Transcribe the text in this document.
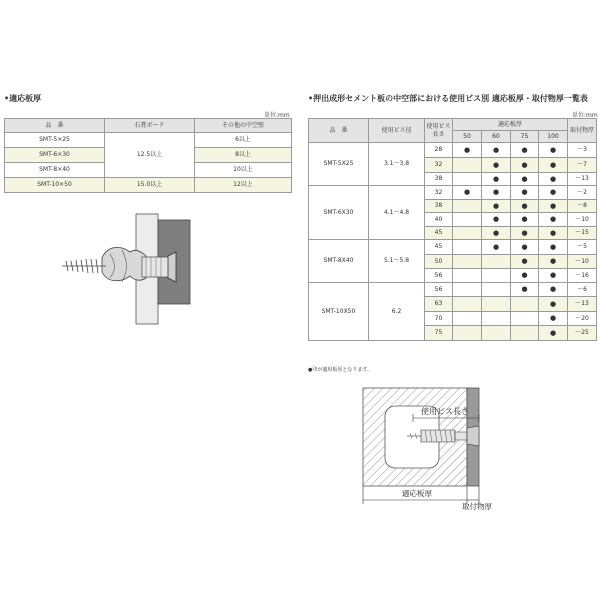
•適応板厚
単位:mm
品　番	石膏ボード	その他の中空壁
SMT-5×25	12.5以上	6以上
SMT-6×30		8以上
SMT-8×40		10以上
SMT-10×50	15.0以上	12以上
•押出成形セメント板の中空部における使用ビス別 適応板厚・取付物厚一覧表
単位:mm
品　番	使用ビス径	使用ビス長さ	適応板厚				取付物厚
			50	60	75	100	
SMT-5X25	3.1〜3.8	28	●	●	●	●	〜3
		32		●	●	●	〜7
		38		●	●	●	〜13
SMT-6X30	4.1〜4.8	32	●	●	●	●	〜2
		38		●	●	●	〜8
		40		●	●	●	〜10
		45		●	●	●	〜15
SMT-8X40	5.1〜5.8	45		●	●	●	〜5
		50			●	●	〜10
		56			●	●	〜16
SMT-10X50	6.2	56			●	●	〜6
		63				●	〜13
		70				●	〜20
		75				●	〜25
●印が適用板厚となります。
使用ビス長さ
適応板厚
取付物厚
